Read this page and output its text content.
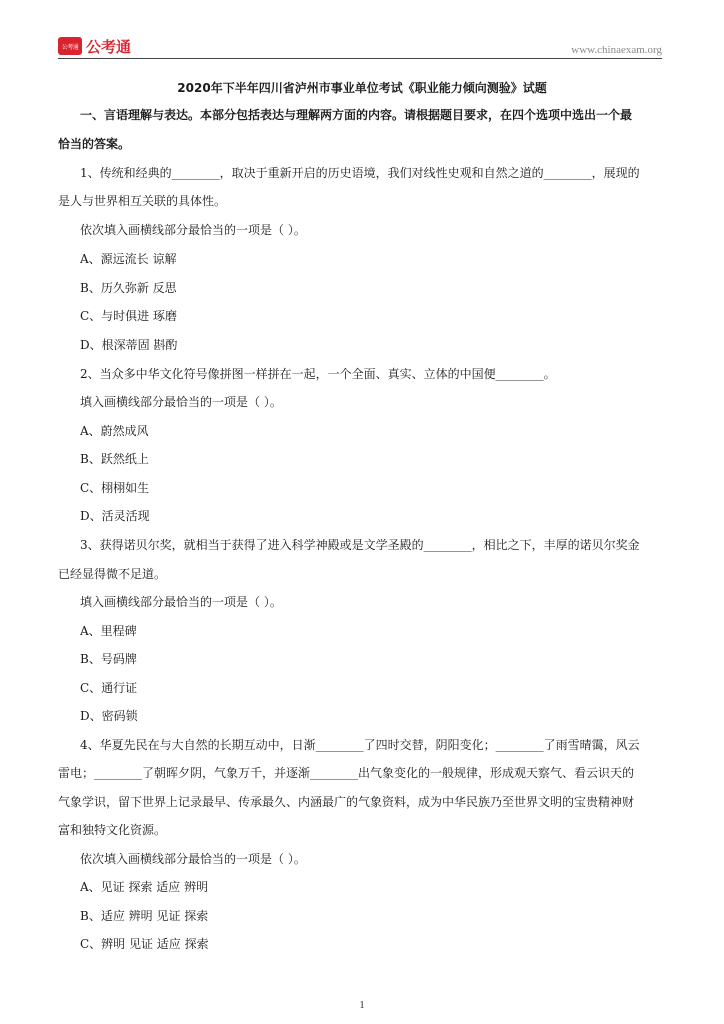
公考通 公考通	www.chinaexam.org
2020年下半年四川省泸州市事业单位考试《职业能力倾向测验》试题
一、言语理解与表达。本部分包括表达与理解两方面的内容。请根据题目要求，在四个选项中选出一个最
恰当的答案。
1、传统和经典的________，取决于重新开启的历史语境，我们对线性史观和自然之道的________，展现的
是人与世界相互关联的具体性。
依次填入画横线部分最恰当的一项是（ ）。
A、源远流长 谅解
B、历久弥新 反思
C、与时俱进 琢磨
D、根深蒂固 斟酌
2、当众多中华文化符号像拼图一样拼在一起，一个全面、真实、立体的中国便________。
填入画横线部分最恰当的一项是（ ）。
A、蔚然成风
B、跃然纸上
C、栩栩如生
D、活灵活现
3、获得诺贝尔奖，就相当于获得了进入科学神殿或是文学圣殿的________，相比之下，丰厚的诺贝尔奖金
已经显得微不足道。
填入画横线部分最恰当的一项是（ ）。
A、里程碑
B、号码牌
C、通行证
D、密码锁
4、华夏先民在与大自然的长期互动中，日渐________了四时交替，阴阳变化；________了雨雪晴霭，风云
雷电；________了朝晖夕阴，气象万千，并逐渐________出气象变化的一般规律，形成观天察气、看云识天的
气象学识，留下世界上记录最早、传承最久、内涵最广的气象资料，成为中华民族乃至世界文明的宝贵精神财
富和独特文化资源。
依次填入画横线部分最恰当的一项是（ ）。
A、见证 探索 适应 辨明
B、适应 辨明 见证 探索
C、辨明 见证 适应 探索
1
